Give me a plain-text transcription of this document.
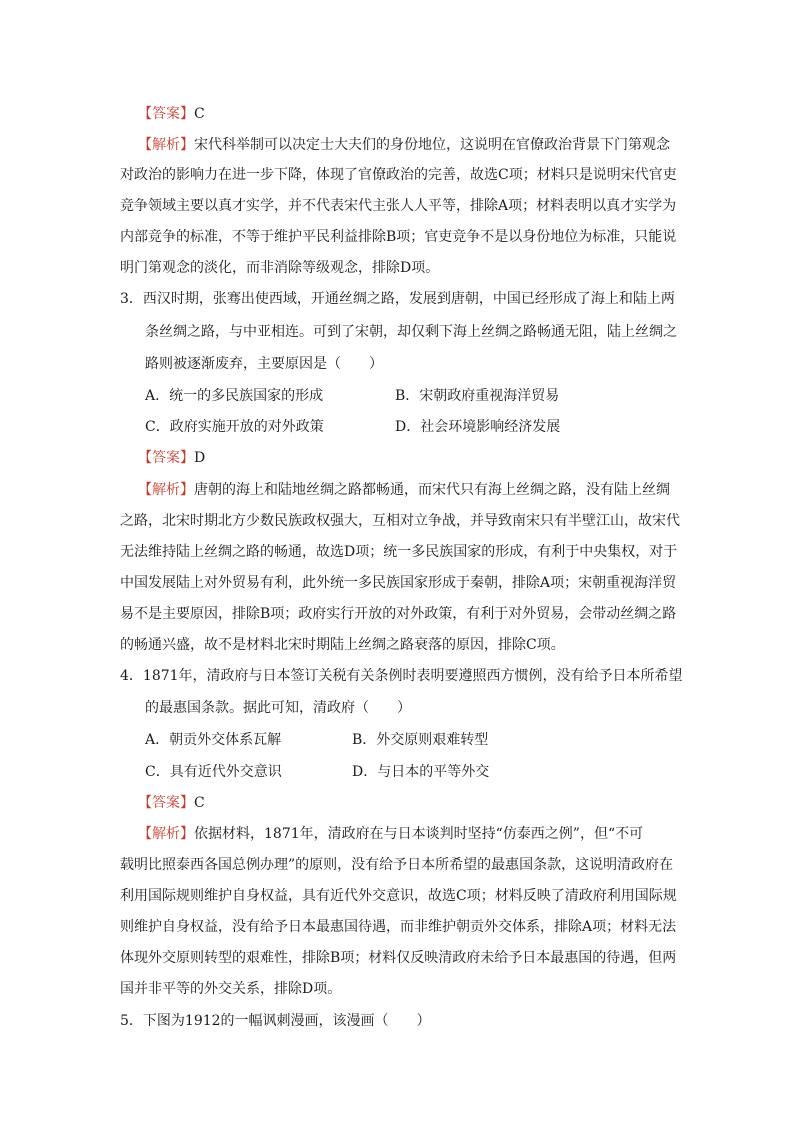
【答案】C
【解析】宋代科举制可以决定士大夫们的身份地位，这说明在官僚政治背景下门第观念
对政治的影响力在进一步下降，体现了官僚政治的完善，故选C项；材料只是说明宋代官吏
竞争领域主要以真才实学，并不代表宋代主张人人平等，排除A项；材料表明以真才实学为
内部竞争的标准，不等于维护平民利益排除B项；官吏竞争不是以身份地位为标准，只能说
明门第观念的淡化，而非消除等级观念，排除D项。
3．西汉时期，张骞出使西域，开通丝绸之路，发展到唐朝，中国已经形成了海上和陆上两
条丝绸之路，与中亚相连。可到了宋朝，却仅剩下海上丝绸之路畅通无阻，陆上丝绸之
路则被逐渐废弃，主要原因是（　　）
A．统一的多民族国家的形成	B．宋朝政府重视海洋贸易
C．政府实施开放的对外政策	D．社会环境影响经济发展
【答案】D
【解析】唐朝的海上和陆地丝绸之路都畅通，而宋代只有海上丝绸之路，没有陆上丝绸
之路，北宋时期北方少数民族政权强大，互相对立争战，并导致南宋只有半壁江山，故宋代
无法维持陆上丝绸之路的畅通，故选D项；统一多民族国家的形成，有利于中央集权，对于
中国发展陆上对外贸易有利，此外统一多民族国家形成于秦朝，排除A项；宋朝重视海洋贸
易不是主要原因，排除B项；政府实行开放的对外政策，有利于对外贸易，会带动丝绸之路
的畅通兴盛，故不是材料北宋时期陆上丝绸之路衰落的原因，排除C项。
4．1871年，清政府与日本签订关税有关条例时表明要遵照西方惯例，没有给予日本所希望
的最惠国条款。据此可知，清政府（　　）
A．朝贡外交体系瓦解	B．外交原则艰难转型
C．具有近代外交意识	D．与日本的平等外交
【答案】C
【解析】依据材料，1871年，清政府在与日本谈判时坚持“仿泰西之例”，但“不可
载明比照泰西各国总例办理”的原则，没有给予日本所希望的最惠国条款，这说明清政府在
利用国际规则维护自身权益，具有近代外交意识，故选C项；材料反映了清政府利用国际规
则维护自身权益，没有给予日本最惠国待遇，而非维护朝贡外交体系，排除A项；材料无法
体现外交原则转型的艰难性，排除B项；材料仅反映清政府未给予日本最惠国的待遇，但两
国并非平等的外交关系，排除D项。
5．下图为1912的一幅讽刺漫画，该漫画（　　）
